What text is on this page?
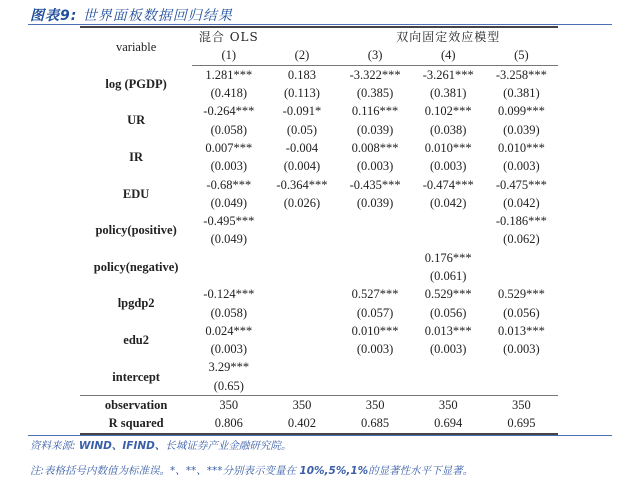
图表9: 世界面板数据回归结果
variable	混合 OLS		双向固定效应模型		
	(1)	(2)	(3)	(4)	(5)
log (PGDP)	1.281***	0.183	-3.322***	-3.261***	-3.258***
	(0.418)	(0.113)	(0.385)	(0.381)	(0.381)
UR	-0.264***	-0.091*	0.116***	0.102***	0.099***
	(0.058)	(0.05)	(0.039)	(0.038)	(0.039)
IR	0.007***	-0.004	0.008***	0.010***	0.010***
	(0.003)	(0.004)	(0.003)	(0.003)	(0.003)
EDU	-0.68***	-0.364***	-0.435***	-0.474***	-0.475***
	(0.049)	(0.026)	(0.039)	(0.042)	(0.042)
policy(positive)	-0.495***				-0.186***
	(0.049)				(0.062)
policy(negative)				0.176***	
				(0.061)	
lpgdp2	-0.124***		0.527***	0.529***	0.529***
	(0.058)		(0.057)	(0.056)	(0.056)
edu2	0.024***		0.010***	0.013***	0.013***
	(0.003)		(0.003)	(0.003)	(0.003)
intercept	3.29***				
	(0.65)				
observation	350	350	350	350	350
R squared	0.806	0.402	0.685	0.694	0.695
资料来源: WIND、IFIND、长城证券产业金融研究院。
注:表格括号内数值为标准误。*、**、***分别表示变量在 10%,5%,1%的显著性水平下显著。
